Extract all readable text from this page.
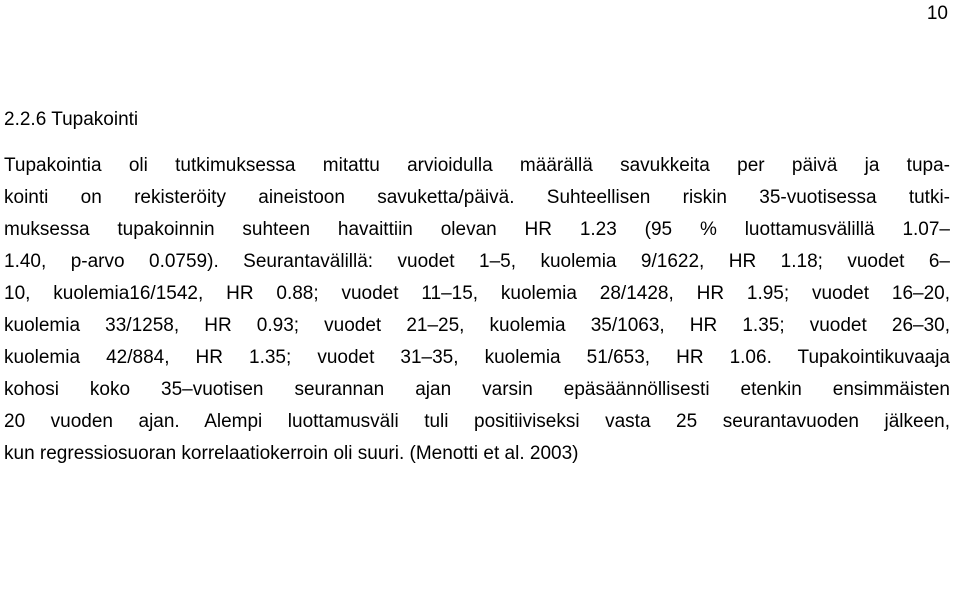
10
2.2.6 Tupakointi
Tupakointia oli tutkimuksessa mitattu arvioidulla määrällä savukkeita per päivä ja tupa-
kointi on rekisteröity aineistoon savuketta/päivä. Suhteellisen riskin 35-vuotisessa tutki-
muksessa tupakoinnin suhteen havaittiin olevan HR 1.23 (95 % luottamusvälillä 1.07–
1.40, p-arvo 0.0759). Seurantavälillä: vuodet 1–5, kuolemia 9/1622, HR 1.18; vuodet 6–
10, kuolemia16/1542, HR 0.88; vuodet 11–15, kuolemia 28/1428, HR 1.95; vuodet 16–20,
kuolemia 33/1258, HR 0.93; vuodet 21–25, kuolemia 35/1063, HR 1.35; vuodet 26–30,
kuolemia 42/884, HR 1.35; vuodet 31–35, kuolemia 51/653, HR 1.06. Tupakointikuvaaja
kohosi koko 35–vuotisen seurannan ajan varsin epäsäännöllisesti etenkin ensimmäisten
20 vuoden ajan. Alempi luottamusväli tuli positiiviseksi vasta 25 seurantavuoden jälkeen,
kun regressiosuoran korrelaatiokerroin oli suuri. (Menotti et al. 2003)
